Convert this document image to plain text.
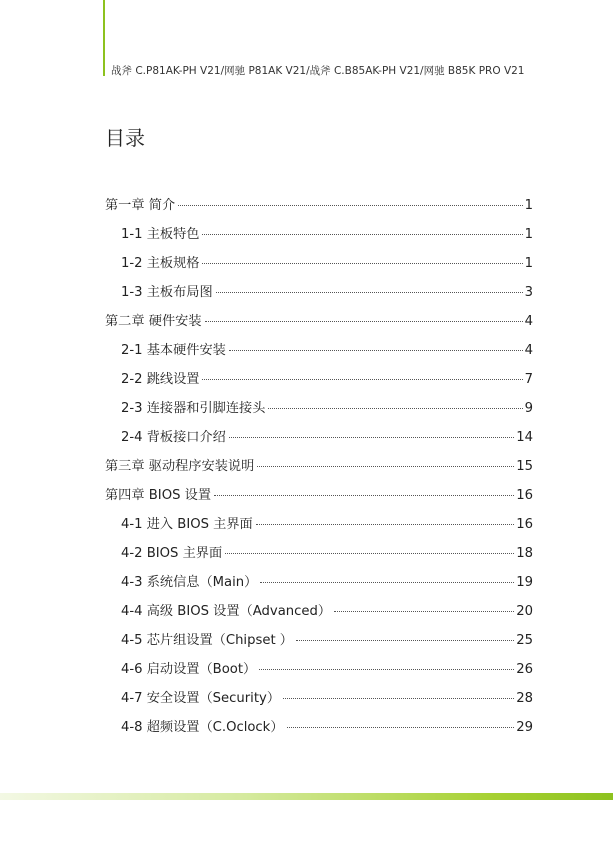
战斧 C.P81AK-PH V21/网驰 P81AK V21/战斧 C.B85AK-PH V21/网驰 B85K PRO V21
目录
第一章 简介	1
1-1 主板特色	1
1-2 主板规格	1
1-3 主板布局图	3
第二章 硬件安装	4
2-1 基本硬件安装	4
2-2 跳线设置	7
2-3 连接器和引脚连接头	9
2-4 背板接口介绍	14
第三章 驱动程序安装说明	15
第四章 BIOS 设置	16
4-1 进入 BIOS 主界面	16
4-2 BIOS 主界面	18
4-3 系统信息（Main）	19
4-4 高级 BIOS 设置（Advanced）	20
4-5 芯片组设置（Chipset ）	25
4-6 启动设置（Boot）	26
4-7 安全设置（Security）	28
4-8 超频设置（C.Oclock）	29
